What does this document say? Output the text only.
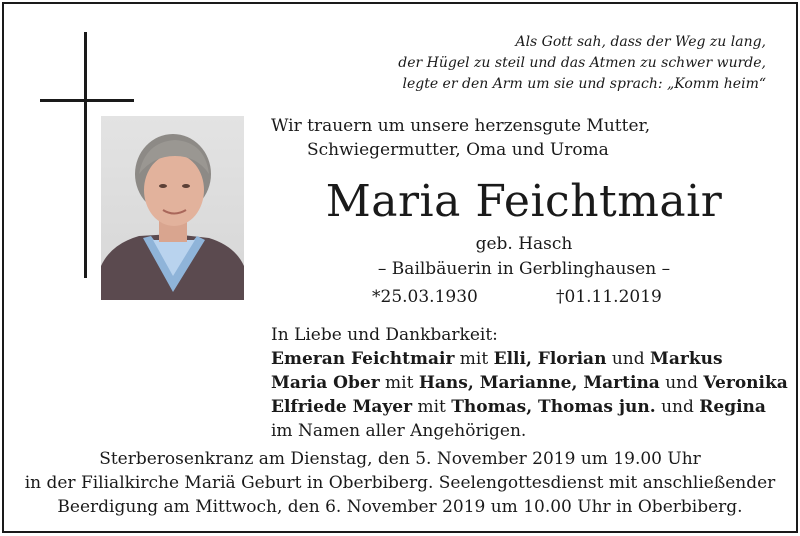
Als Gott sah, dass der Weg zu lang,
der Hügel zu steil und das Atmen zu schwer wurde,
legte er den Arm um sie und sprach: „Komm heim“
Wir trauern um unsere herzensgute Mutter,
Schwiegermutter, Oma und Uroma
Maria Feichtmair
geb. Hasch
– Bailbäuerin in Gerblinghausen –
*25.03.1930	†01.11.2019
In Liebe und Dankbarkeit:
Emeran Feichtmair mit Elli, Florian und Markus
Maria Ober mit Hans, Marianne, Martina und Veronika
Elfriede Mayer mit Thomas, Thomas jun. und Regina
im Namen aller Angehörigen.
Sterberosenkranz am Dienstag, den 5. November 2019 um 19.00 Uhr
in der Filialkirche Mariä Geburt in Oberbiberg. Seelengottesdienst mit anschließender
Beerdigung am Mittwoch, den 6. November 2019 um 10.00 Uhr in Oberbiberg.
